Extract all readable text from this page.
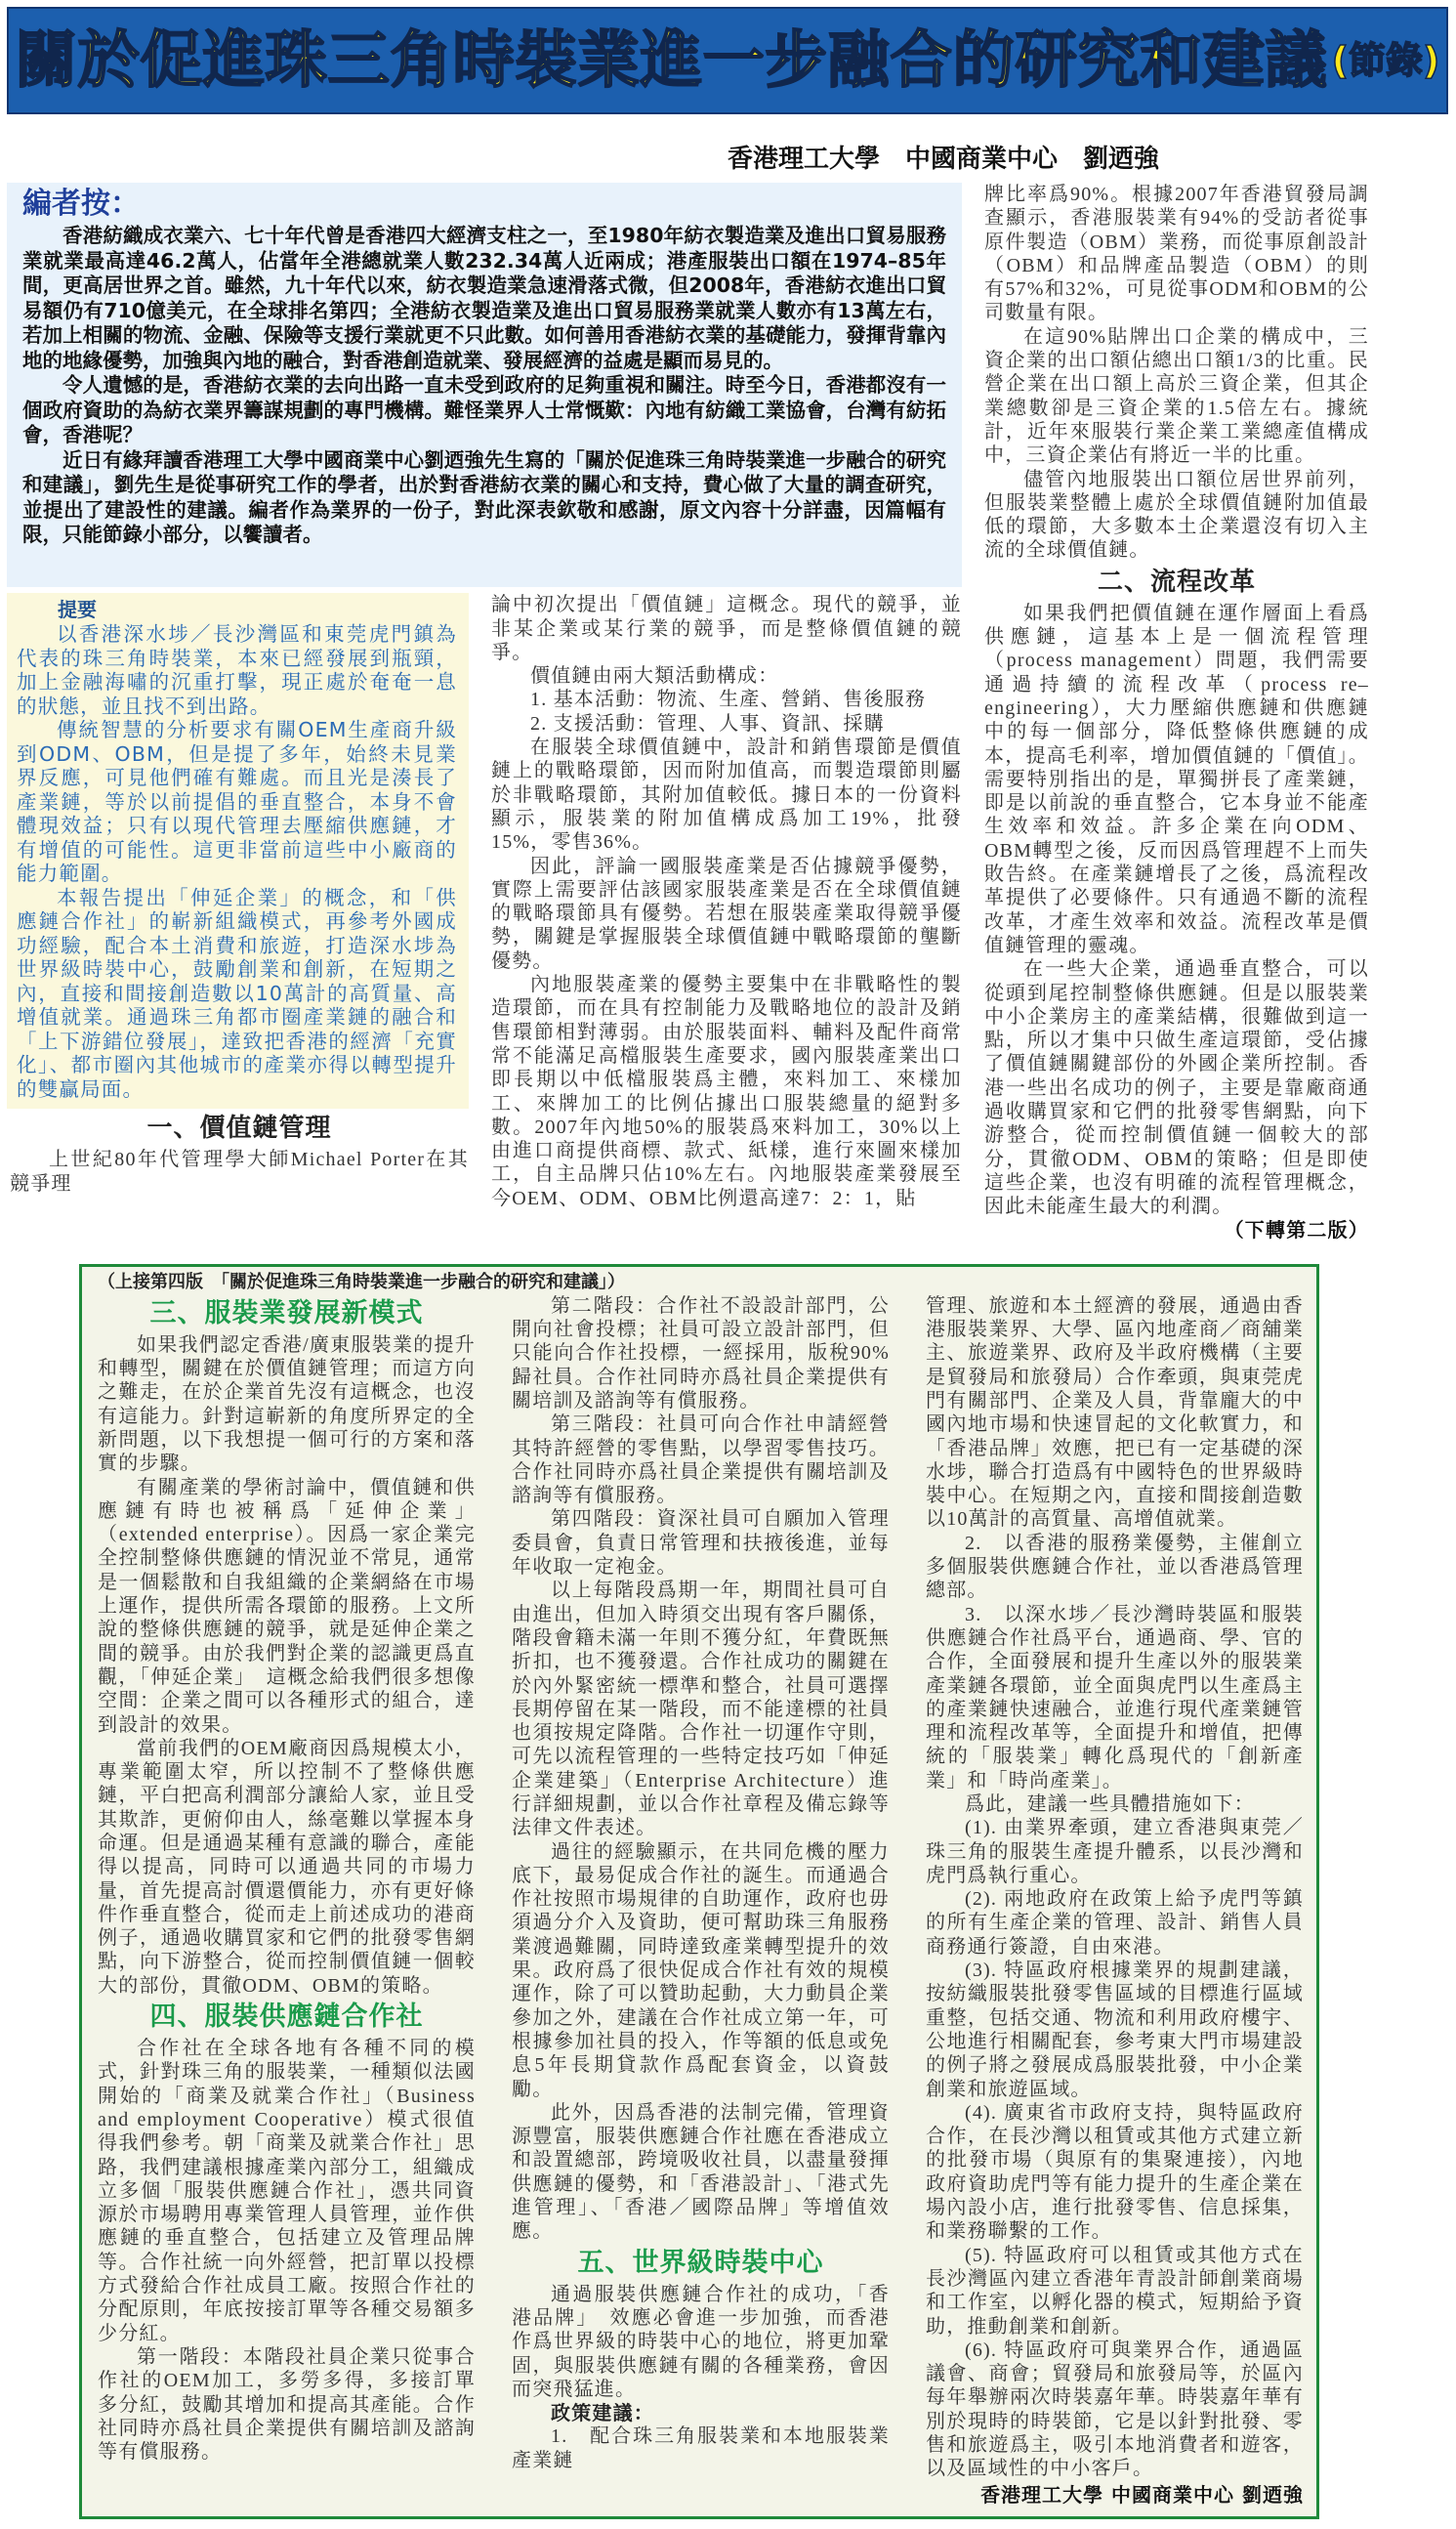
關於促進珠三角時裝業進一步融合的研究和建議 (節錄)
香港理工大學　中國商業中心　劉迺強
編者按：

香港紡織成衣業六、七十年代曾是香港四大經濟支柱之一，至1980年紡衣製造業及進出口貿易服務業就業最高達46.2萬人，佔當年全港總就業人數232.34萬人近兩成；港產服裝出口額在1974–85年間，更高居世界之首。雖然，九十年代以來，紡衣製造業急速滑落式微，但2008年，香港紡衣進出口貿易額仍有710億美元，在全球排名第四；全港紡衣製造業及進出口貿易服務業就業人數亦有13萬左右，若加上相關的物流、金融、保險等支援行業就更不只此數。如何善用香港紡衣業的基礎能力，發揮背靠內地的地緣優勢，加強與內地的融合，對香港創造就業、發展經濟的益處是顯而易見的。

令人遺憾的是，香港紡衣業的去向出路一直未受到政府的足夠重視和關注。時至今日，香港都沒有一個政府資助的為紡衣業界籌謀規劃的專門機構。難怪業界人士常慨歎：內地有紡織工業協會，台灣有紡拓會，香港呢？

近日有緣拜讀香港理工大學中國商業中心劉迺強先生寫的「關於促進珠三角時裝業進一步融合的研究和建議」，劉先生是從事研究工作的學者，出於對香港紡衣業的關心和支持，費心做了大量的調查研究，並提出了建設性的建議。編者作為業界的一份子，對此深表欽敬和感謝，原文內容十分詳盡，因篇幅有限，只能節錄小部分，以饗讀者。

提要

以香港深水埗／長沙灣區和東莞虎門鎮為代表的珠三角時裝業，本來已經發展到瓶頸，加上金融海嘯的沉重打擊，現正處於奄奄一息的狀態，並且找不到出路。

傳統智慧的分析要求有關OEM生產商升級到ODM、OBM，但是提了多年，始終未見業界反應，可見他們確有難處。而且光是湊長了產業鏈，等於以前提倡的垂直整合，本身不會體現效益；只有以現代管理去壓縮供應鏈，才有增值的可能性。這更非當前這些中小廠商的能力範圍。

本報告提出「伸延企業」的概念，和「供應鏈合作社」的嶄新組織模式，再參考外國成功經驗，配合本土消費和旅遊，打造深水埗為世界級時裝中心，鼓勵創業和創新，在短期之內，直接和間接創造數以10萬計的高質量、高增值就業。通過珠三角都市圈產業鏈的融合和「上下游錯位發展」，達致把香港的經濟「充實化」、都市圈內其他城市的產業亦得以轉型提升的雙贏局面。

一、價值鏈管理

上世紀80年代管理學大師Michael Porter在其競爭理

論中初次提出「價值鏈」這概念。現代的競爭，並非某企業或某行業的競爭，而是整條價值鏈的競爭。

價值鏈由兩大類活動構成：

1. 基本活動：物流、生產、營銷、售後服務

2. 支援活動：管理、人事、資訊、採購

在服裝全球價值鏈中，設計和銷售環節是價值鏈上的戰略環節，因而附加值高，而製造環節則屬於非戰略環節，其附加值較低。據日本的一份資料顯示，服裝業的附加值構成爲加工19%，批發15%，零售36%。

因此，評論一國服裝產業是否佔據競爭優勢，實際上需要評估該國家服裝產業是否在全球價值鏈的戰略環節具有優勢。若想在服裝產業取得競爭優勢，關鍵是掌握服裝全球價值鏈中戰略環節的壟斷優勢。

內地服裝產業的優勢主要集中在非戰略性的製造環節，而在具有控制能力及戰略地位的設計及銷售環節相對薄弱。由於服裝面料、輔料及配件商常常不能滿足高檔服裝生產要求，國內服裝產業出口即長期以中低檔服裝爲主體，來料加工、來樣加工、來牌加工的比例佔據出口服裝總量的絕對多數。2007年內地50%的服裝爲來料加工，30%以上由進口商提供商標、款式、紙樣，進行來圖來樣加工，自主品牌只佔10%左右。內地服裝產業發展至今OEM、ODM、OBM比例還高達7：2：1，貼

牌比率爲90%。根據2007年香港貿發局調查顯示，香港服裝業有94%的受訪者從事原件製造（OBM）業務，而從事原創設計（OBM）和品牌產品製造（OBM）的則有57%和32%，可見從事ODM和OBM的公司數量有限。

在這90%貼牌出口企業的構成中，三資企業的出口額佔總出口額1/3的比重。民營企業在出口額上高於三資企業，但其企業總數卻是三資企業的1.5倍左右。據統計，近年來服裝行業企業工業總產值構成中，三資企業佔有將近一半的比重。

儘管內地服裝出口額位居世界前列，但服裝業整體上處於全球價值鏈附加值最低的環節，大多數本土企業還沒有切入主流的全球價值鏈。

二、流程改革

如果我們把價值鏈在運作層面上看爲供應鏈，這基本上是一個流程管理（process management）問題，我們需要通過持續的流程改革（process re–engineering），大力壓縮供應鏈和供應鏈中的每一個部分，降低整條供應鏈的成本，提高毛利率，增加價值鏈的「價值」。需要特別指出的是，單獨拼長了產業鏈，即是以前說的垂直整合，它本身並不能產生效率和效益。許多企業在向ODM、OBM轉型之後，反而因爲管理趕不上而失敗告終。在產業鏈增長了之後，爲流程改革提供了必要條件。只有通過不斷的流程改革，才產生效率和效益。流程改革是價值鏈管理的靈魂。

在一些大企業，通過垂直整合，可以從頭到尾控制整條供應鏈。但是以服裝業中小企業房主的產業結構，很難做到這一點，所以才集中只做生產這環節，受佔據了價值鏈關鍵部份的外國企業所控制。香港一些出名成功的例子，主要是靠廠商通過收購買家和它們的批發零售網點，向下游整合，從而控制價值鏈一個較大的部分，貫徹ODM、OBM的策略；但是即使這些企業，也沒有明確的流程管理概念，因此未能產生最大的利潤。

（下轉第二版）

（上接第四版　「關於促進珠三角時裝業進一步融合的研究和建議」）
三、服裝業發展新模式

如果我們認定香港/廣東服裝業的提升和轉型，關鍵在於價值鏈管理；而這方向之難走，在於企業首先沒有這概念，也沒有這能力。針對這嶄新的角度所界定的全新問題，以下我想提一個可行的方案和落實的步驟。

有關產業的學術討論中，價值鏈和供應鏈有時也被稱爲「延伸企業」（extended enterprise）。因爲一家企業完全控制整條供應鏈的情況並不常見，通常是一個鬆散和自我組織的企業網絡在市場上運作，提供所需各環節的服務。上文所說的整條供應鏈的競爭，就是延伸企業之間的競爭。由於我們對企業的認識更爲直觀，「伸延企業」　這概念給我們很多想像空間：企業之間可以各種形式的組合，達到設計的效果。

當前我們的OEM廠商因爲規模太小，專業範圍太窄，所以控制不了整條供應鏈，平白把高利潤部分讓給人家，並且受其欺詐，更俯仰由人，絲毫難以掌握本身命運。但是通過某種有意識的聯合，產能得以提高，同時可以通過共同的市場力量，首先提高討價還價能力，亦有更好條件作垂直整合，從而走上前述成功的港商例子，通過收購買家和它們的批發零售網點，向下游整合，從而控制價值鏈一個較大的部份，貫徹ODM、OBM的策略。

四、服裝供應鏈合作社

合作社在全球各地有各種不同的模式，針對珠三角的服裝業，一種類似法國開始的「商業及就業合作社」（Business and employment Cooperative）模式很值得我們參考。朝「商業及就業合作社」思路，我們建議根據產業內部分工，組織成立多個「服裝供應鏈合作社」，憑共同資源於市場聘用專業管理人員管理，並作供應鏈的垂直整合，包括建立及管理品牌等。合作社統一向外經營，把訂單以投標方式發給合作社成員工廠。按照合作社的分配原則，年底按接訂單等各種交易額多少分紅。

第一階段：本階段社員企業只從事合作社的OEM加工，多勞多得，多接訂單多分紅，鼓勵其增加和提高其產能。合作社同時亦爲社員企業提供有關培訓及諮詢等有償服務。

第二階段：合作社不設設計部門，公開向社會投標；社員可設立設計部門，但只能向合作社投標，一經採用，版稅90%歸社員。合作社同時亦爲社員企業提供有關培訓及諮詢等有償服務。

第三階段：社員可向合作社申請經營其特許經營的零售點，以學習零售技巧。合作社同時亦爲社員企業提供有關培訓及諮詢等有償服務。

第四階段：資深社員可自願加入管理委員會，負責日常管理和扶掖後進，並每年收取一定袍金。

以上每階段爲期一年，期間社員可自由進出，但加入時須交出現有客戶關係，階段會籍未滿一年則不獲分紅，年費既無折扣，也不獲發還。合作社成功的關鍵在於內外緊密統一標準和整合，社員可選擇長期停留在某一階段，而不能達標的社員也須按規定降階。合作社一切運作守則，可先以流程管理的一些特定技巧如「伸延企業建築」（Enterprise Architecture）進行詳細規劃，並以合作社章程及備忘錄等法律文件表述。

過往的經驗顯示，在共同危機的壓力底下，最易促成合作社的誕生。而通過合作社按照市場規律的自助運作，政府也毋須過分介入及資助，便可幫助珠三角服務業渡過難關，同時達致產業轉型提升的效果。政府爲了很快促成合作社有效的規模運作，除了可以贊助起動，大力動員企業參加之外，建議在合作社成立第一年，可根據參加社員的投入，作等額的低息或免息5年長期貸款作爲配套資金，以資鼓勵。

此外，因爲香港的法制完備，管理資源豐富，服裝供應鏈合作社應在香港成立和設置總部，跨境吸收社員，以盡量發揮供應鏈的優勢，和「香港設計」、「港式先進管理」、「香港／國際品牌」等增值效應。

五、世界級時裝中心

通過服裝供應鏈合作社的成功，「香港品牌」　效應必會進一步加強，而香港作爲世界級的時裝中心的地位，將更加鞏固，與服裝供應鏈有關的各種業務，會因而突飛猛進。

政策建議：

1.　配合珠三角服裝業和本地服裝業產業鏈

管理、旅遊和本土經濟的發展，通過由香港服裝業界、大學、區內地產商／商舖業主、旅遊業界、政府及半政府機構（主要是貿發局和旅發局）合作牽頭，與東莞虎門有關部門、企業及人員，背靠龐大的中國內地市場和快速冒起的文化軟實力，和「香港品牌」效應，把已有一定基礎的深水埗，聯合打造爲有中國特色的世界級時裝中心。在短期之內，直接和間接創造數以10萬計的高質量、高增值就業。

2.　以香港的服務業優勢，主催創立多個服裝供應鏈合作社，並以香港爲管理總部。

3.　以深水埗／長沙灣時裝區和服裝供應鏈合作社爲平台，通過商、學、官的合作，全面發展和提升生產以外的服裝業產業鏈各環節，並全面與虎門以生產爲主的產業鏈快速融合，並進行現代產業鏈管理和流程改革等，全面提升和增值，把傳統的「服裝業」轉化爲現代的「創新產業」和「時尚產業」。

爲此，建議一些具體措施如下：

(1). 由業界牽頭，建立香港與東莞／珠三角的服裝生產提升體系，以長沙灣和虎門爲執行重心。

(2). 兩地政府在政策上給予虎門等鎮的所有生產企業的管理、設計、銷售人員商務通行簽證，自由來港。

(3). 特區政府根據業界的規劃建議，按紡織服裝批發零售區域的目標進行區域重整，包括交通、物流和利用政府樓宇、公地進行相關配套，參考東大門市場建設的例子將之發展成爲服裝批發，中小企業創業和旅遊區域。

(4). 廣東省市政府支持，與特區政府合作，在長沙灣以租賃或其他方式建立新的批發市場（與原有的集聚連接），內地政府資助虎門等有能力提升的生產企業在場內設小店，進行批發零售、信息採集，和業務聯繫的工作。

(5). 特區政府可以租賃或其他方式在長沙灣區內建立香港年青設計師創業商場和工作室，以孵化器的模式，短期給予資助，推動創業和創新。

(6). 特區政府可與業界合作，通過區議會、商會；貿發局和旅發局等，於區內每年舉辦兩次時裝嘉年華。時裝嘉年華有別於現時的時裝節，它是以針對批發、零售和旅遊爲主，吸引本地消費者和遊客，以及區域性的中小客戶。

香港理工大學 中國商業中心 劉迺強
